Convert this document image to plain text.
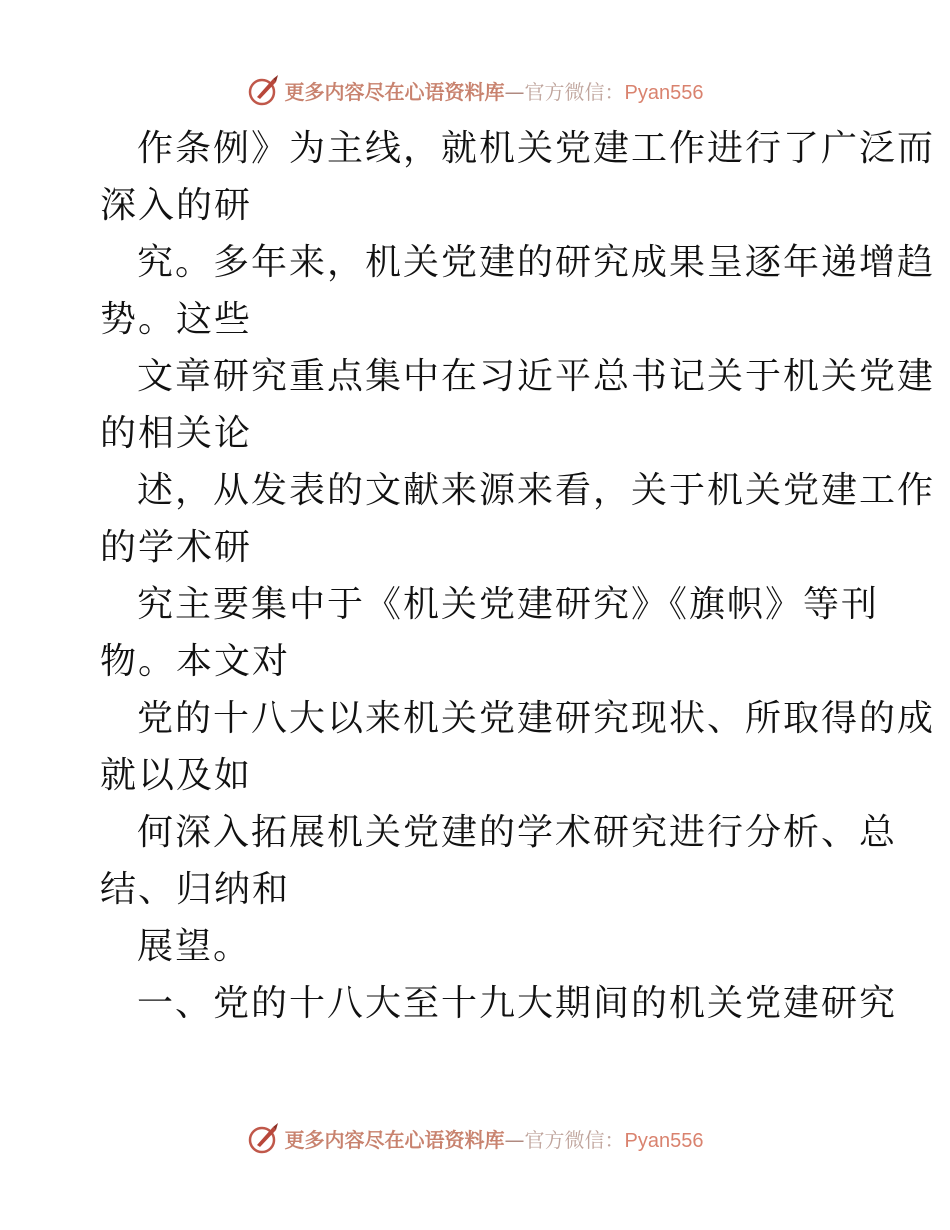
更多内容尽在心语资料库—官方微信：Pyan556
作条例》为主线，就机关党建工作进行了广泛而
深入的研
究。多年来，机关党建的研究成果呈逐年递增趋
势。这些
文章研究重点集中在习近平总书记关于机关党建
的相关论
述，从发表的文献来源来看，关于机关党建工作
的学术研
究主要集中于《机关党建研究》《旗帜》等刊
物。本文对
党的十八大以来机关党建研究现状、所取得的成
就以及如
何深入拓展机关党建的学术研究进行分析、总
结、归纳和
展望。
一、党的十八大至十九大期间的机关党建研究
更多内容尽在心语资料库—官方微信：Pyan556
